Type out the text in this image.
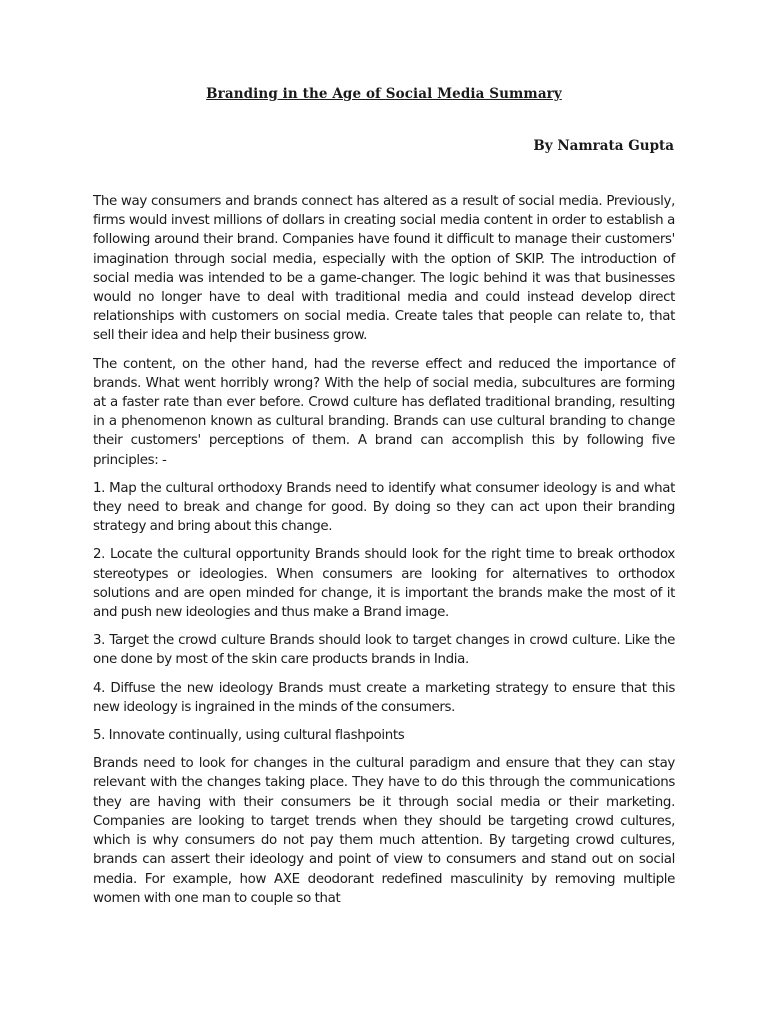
Branding in the Age of Social Media Summary
By Namrata Gupta

The way consumers and brands connect has altered as a result of social media. Previously, firms would invest millions of dollars in creating social media content in order to establish a following around their brand. Companies have found it difficult to manage their customers' imagination through social media, especially with the option of SKIP. The introduction of social media was intended to be a game-changer. The logic behind it was that businesses would no longer have to deal with traditional media and could instead develop direct relationships with customers on social media. Create tales that people can relate to, that sell their idea and help their business grow.

The content, on the other hand, had the reverse effect and reduced the importance of brands. What went horribly wrong? With the help of social media, subcultures are forming at a faster rate than ever before. Crowd culture has deflated traditional branding, resulting in a phenomenon known as cultural branding. Brands can use cultural branding to change their customers' perceptions of them. A brand can accomplish this by following five principles: -

1. Map the cultural orthodoxy Brands need to identify what consumer ideology is and what they need to break and change for good. By doing so they can act upon their branding strategy and bring about this change.

2. Locate the cultural opportunity Brands should look for the right time to break orthodox stereotypes or ideologies. When consumers are looking for alternatives to orthodox solutions and are open minded for change, it is important the brands make the most of it and push new ideologies and thus make a Brand image.

3. Target the crowd culture Brands should look to target changes in crowd culture. Like the one done by most of the skin care products brands in India.

4. Diffuse the new ideology Brands must create a marketing strategy to ensure that this new ideology is ingrained in the minds of the consumers.

5. Innovate continually, using cultural flashpoints

Brands need to look for changes in the cultural paradigm and ensure that they can stay relevant with the changes taking place. They have to do this through the communications they are having with their consumers be it through social media or their marketing. Companies are looking to target trends when they should be targeting crowd cultures, which is why consumers do not pay them much attention. By targeting crowd cultures, brands can assert their ideology and point of view to consumers and stand out on social media. For example, how AXE deodorant redefined masculinity by removing multiple women with one man to couple so that
